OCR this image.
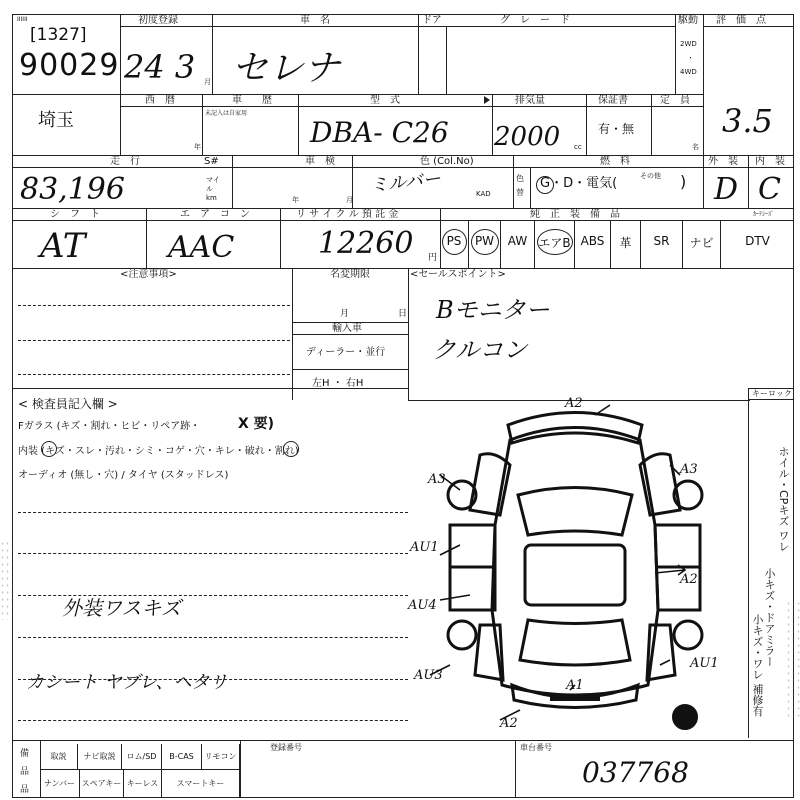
IIIIII
[1327]
90029
初度登録
24 3 月
車　名
セレナ
ドア	グ　レ　ー　ド	駆動
2WD
・
4WD
評　価　点
3.5
埼玉
西　暦
年
車　　歴
未記入は自家用
型　式
DBA- C26
排気量
2000 cc
保証書
有・無
定　員
名
走　行	S#
83,196	マイル km
車　検
年	月
色 (Col.No)
ミルバー	KAD
色替
燃　料
G・D・電気(	その他 )
外　装 内　装
D C
シ　フ　ト
AT
エ　ア　コ　ン
AAC
リ サ イ ク ル 預 託 金
12260 円
純　正　装　備　品	ｶｰﾃｼｰｽﾞ
PS	PW	AW エアB ABS	革	SR	ナビ	DTV
<注意事項>	名変期限
月	日
輸入車
ディーラー・並行
左H ・ 右H
<セールスポイント>
Bモニター
クルコン
キーロック
< 検査員記入欄 >
Fガラス (キズ・割れ・ヒビ・リペア跡・	X 要)
内装 (キズ・スレ・汚れ・シミ・コゲ・穴・キレ・破れ・割れ)
オーディオ (無し・穴) / タイヤ (スタッドレス)
外装ワスキズ
カシート ヤブレ、ヘタリ
A2
A3
A3
AU1
AU4
AU3
A2
A1
AU1
A2
ホイル・CPキズ ワレ
小キズ・ドアミラー
小キズ・ワレ 補修有
備
品
品
取説	ナビ取説	ロム/SD	B-CAS	リモコン
ナンバー スペアキー キーレス	スマートキー
登録番号	車台番号
037768
